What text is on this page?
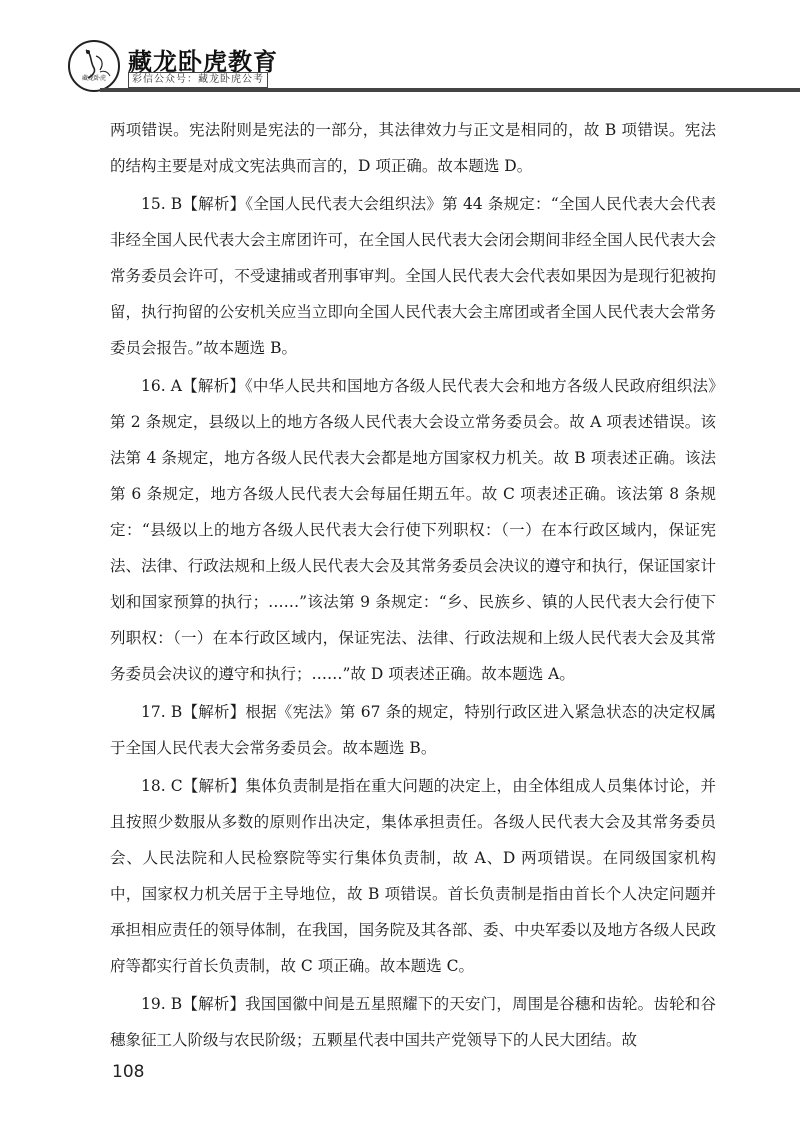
藏龙卧虎
藏龙卧虎教育
彩信公众号：藏龙卧虎公考

两项错误。宪法附则是宪法的一部分，其法律效力与正文是相同的，故 B 项错误。宪法的结构主要是对成文宪法典而言的，D 项正确。故本题选 D。

15. B【解析】《全国人民代表大会组织法》第 44 条规定：“全国人民代表大会代表非经全国人民代表大会主席团许可，在全国人民代表大会闭会期间非经全国人民代表大会常务委员会许可，不受逮捕或者刑事审判。全国人民代表大会代表如果因为是现行犯被拘留，执行拘留的公安机关应当立即向全国人民代表大会主席团或者全国人民代表大会常务委员会报告。”故本题选 B。

16. A【解析】《中华人民共和国地方各级人民代表大会和地方各级人民政府组织法》第 2 条规定，县级以上的地方各级人民代表大会设立常务委员会。故 A 项表述错误。该法第 4 条规定，地方各级人民代表大会都是地方国家权力机关。故 B 项表述正确。该法第 6 条规定，地方各级人民代表大会每届任期五年。故 C 项表述正确。该法第 8 条规定：“县级以上的地方各级人民代表大会行使下列职权：（一）在本行政区域内，保证宪法、法律、行政法规和上级人民代表大会及其常务委员会决议的遵守和执行，保证国家计划和国家预算的执行；……”该法第 9 条规定：“乡、民族乡、镇的人民代表大会行使下列职权：（一）在本行政区域内，保证宪法、法律、行政法规和上级人民代表大会及其常务委员会决议的遵守和执行；……”故 D 项表述正确。故本题选 A。

17. B【解析】根据《宪法》第 67 条的规定，特别行政区进入紧急状态的决定权属于全国人民代表大会常务委员会。故本题选 B。

18. C【解析】集体负责制是指在重大问题的决定上，由全体组成人员集体讨论，并且按照少数服从多数的原则作出决定，集体承担责任。各级人民代表大会及其常务委员会、人民法院和人民检察院等实行集体负责制，故 A、D 两项错误。在同级国家机构中，国家权力机关居于主导地位，故 B 项错误。首长负责制是指由首长个人决定问题并承担相应责任的领导体制，在我国，国务院及其各部、委、中央军委以及地方各级人民政府等都实行首长负责制，故 C 项正确。故本题选 C。

19. B【解析】我国国徽中间是五星照耀下的天安门，周围是谷穗和齿轮。齿轮和谷穗象征工人阶级与农民阶级；五颗星代表中国共产党领导下的人民大团结。故

108
